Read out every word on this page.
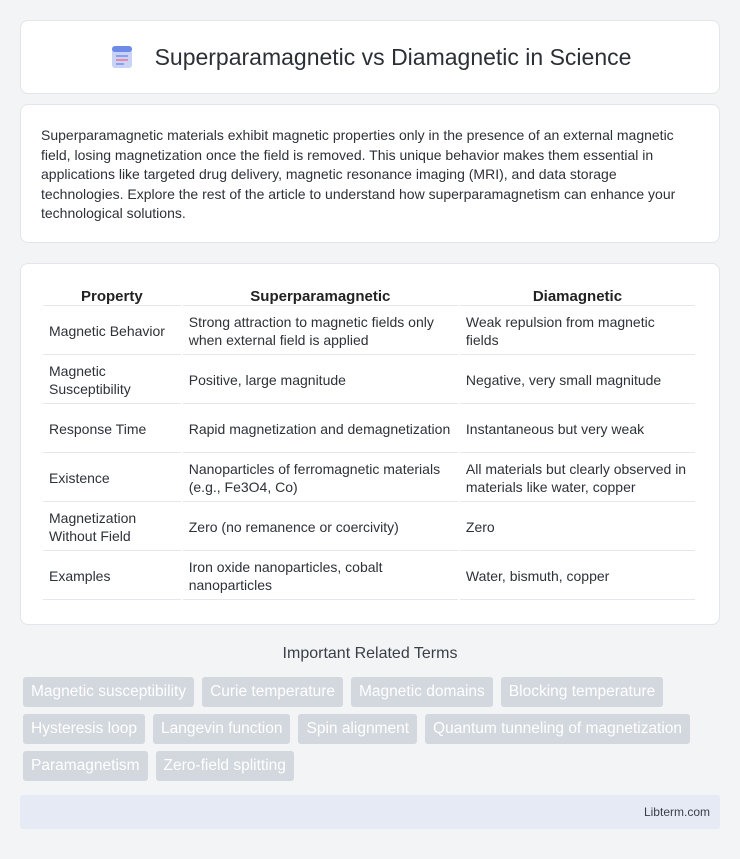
Superparamagnetic vs Diamagnetic in Science

Superparamagnetic materials exhibit magnetic properties only in the presence of an external magnetic field, losing magnetization once the field is removed. This unique behavior makes them essential in applications like targeted drug delivery, magnetic resonance imaging (MRI), and data storage technologies. Explore the rest of the article to understand how superparamagnetism can enhance your technological solutions.

Property	Superparamagnetic	Diamagnetic
Magnetic Behavior	Strong attraction to magnetic fields only when external field is applied	Weak repulsion from magnetic fields
Magnetic Susceptibility	Positive, large magnitude	Negative, very small magnitude
Response Time	Rapid magnetization and demagnetization	Instantaneous but very weak
Existence	Nanoparticles of ferromagnetic materials (e.g., Fe3O4, Co)	All materials but clearly observed in materials like water, copper
Magnetization Without Field	Zero (no remanence or coercivity)	Zero
Examples	Iron oxide nanoparticles, cobalt nanoparticles	Water, bismuth, copper
Important Related Terms
Magnetic susceptibility	Curie temperature	Magnetic domains	Blocking temperature
Hysteresis loop	Langevin function	Spin alignment	Quantum tunneling of magnetization
Paramagnetism	Zero-field splitting
Libterm.com
